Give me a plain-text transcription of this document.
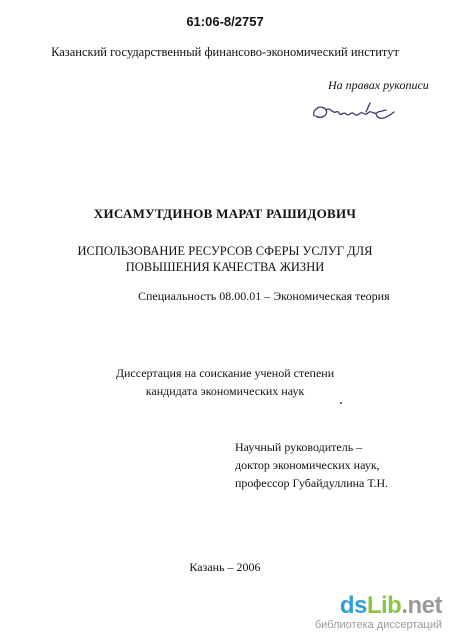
61:06-8/2757
Казанский государственный финансово-экономический институт
На правах рукописи
ХИСАМУТДИНОВ МАРАТ РАШИДОВИЧ
ИСПОЛЬЗОВАНИЕ РЕСУРСОВ СФЕРЫ УСЛУГ ДЛЯ
ПОВЫШЕНИЯ КАЧЕСТВА ЖИЗНИ
Специальность 08.00.01 – Экономическая теория
Диссертация на соискание ученой степени
кандидата экономических наук
Научный руководитель –
доктор экономических наук,
профессор Губайдуллина Т.Н.
Казань – 2006
dsLib.net
библиотека диссертаций
